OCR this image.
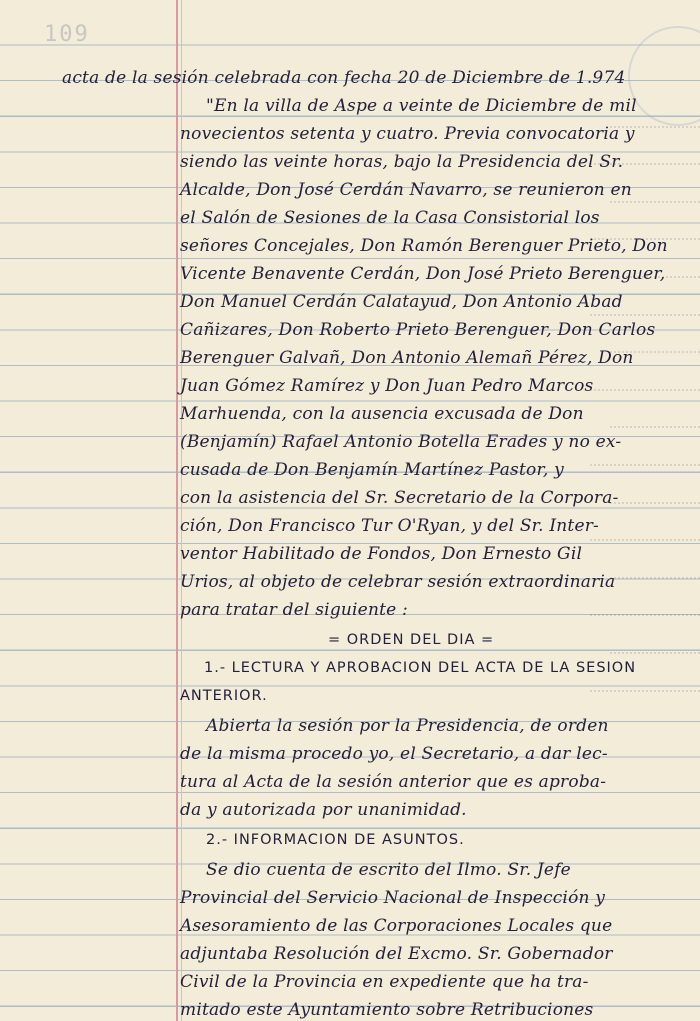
109
acta de la sesión celebrada con fecha 20 de Diciembre de 1.974
"En la villa de Aspe a veinte de Diciembre de mil
novecientos setenta y cuatro. Previa convocatoria y
siendo las veinte horas, bajo la Presidencia del Sr.
Alcalde, Don José Cerdán Navarro, se reunieron en
el Salón de Sesiones de la Casa Consistorial los
señores Concejales, Don Ramón Berenguer Prieto, Don
Vicente Benavente Cerdán, Don José Prieto Berenguer,
Don Manuel Cerdán Calatayud, Don Antonio Abad
Cañizares, Don Roberto Prieto Berenguer, Don Carlos
Berenguer Galvañ, Don Antonio Alemañ Pérez, Don
Juan Gómez Ramírez y Don Juan Pedro Marcos
Marhuenda, con la ausencia excusada de Don
(Benjamín) Rafael Antonio Botella Erades y no ex-
cusada de Don Benjamín Martínez Pastor, y
con la asistencia del Sr. Secretario de la Corpora-
ción, Don Francisco Tur O'Ryan, y del Sr. Inter-
ventor Habilitado de Fondos, Don Ernesto Gil
Urios, al objeto de celebrar sesión extraordinaria
para tratar del siguiente :
= ORDEN DEL DIA =
1.- LECTURA Y APROBACION DEL ACTA DE LA SESION
ANTERIOR.
Abierta la sesión por la Presidencia, de orden
de la misma procedo yo, el Secretario, a dar lec-
tura al Acta de la sesión anterior que es aproba-
da y autorizada por unanimidad.
2.- INFORMACION DE ASUNTOS.
Se dio cuenta de escrito del Ilmo. Sr. Jefe
Provincial del Servicio Nacional de Inspección y
Asesoramiento de las Corporaciones Locales que
adjuntaba Resolución del Excmo. Sr. Gobernador
Civil de la Provincia en expediente que ha tra-
mitado este Ayuntamiento sobre Retribuciones
